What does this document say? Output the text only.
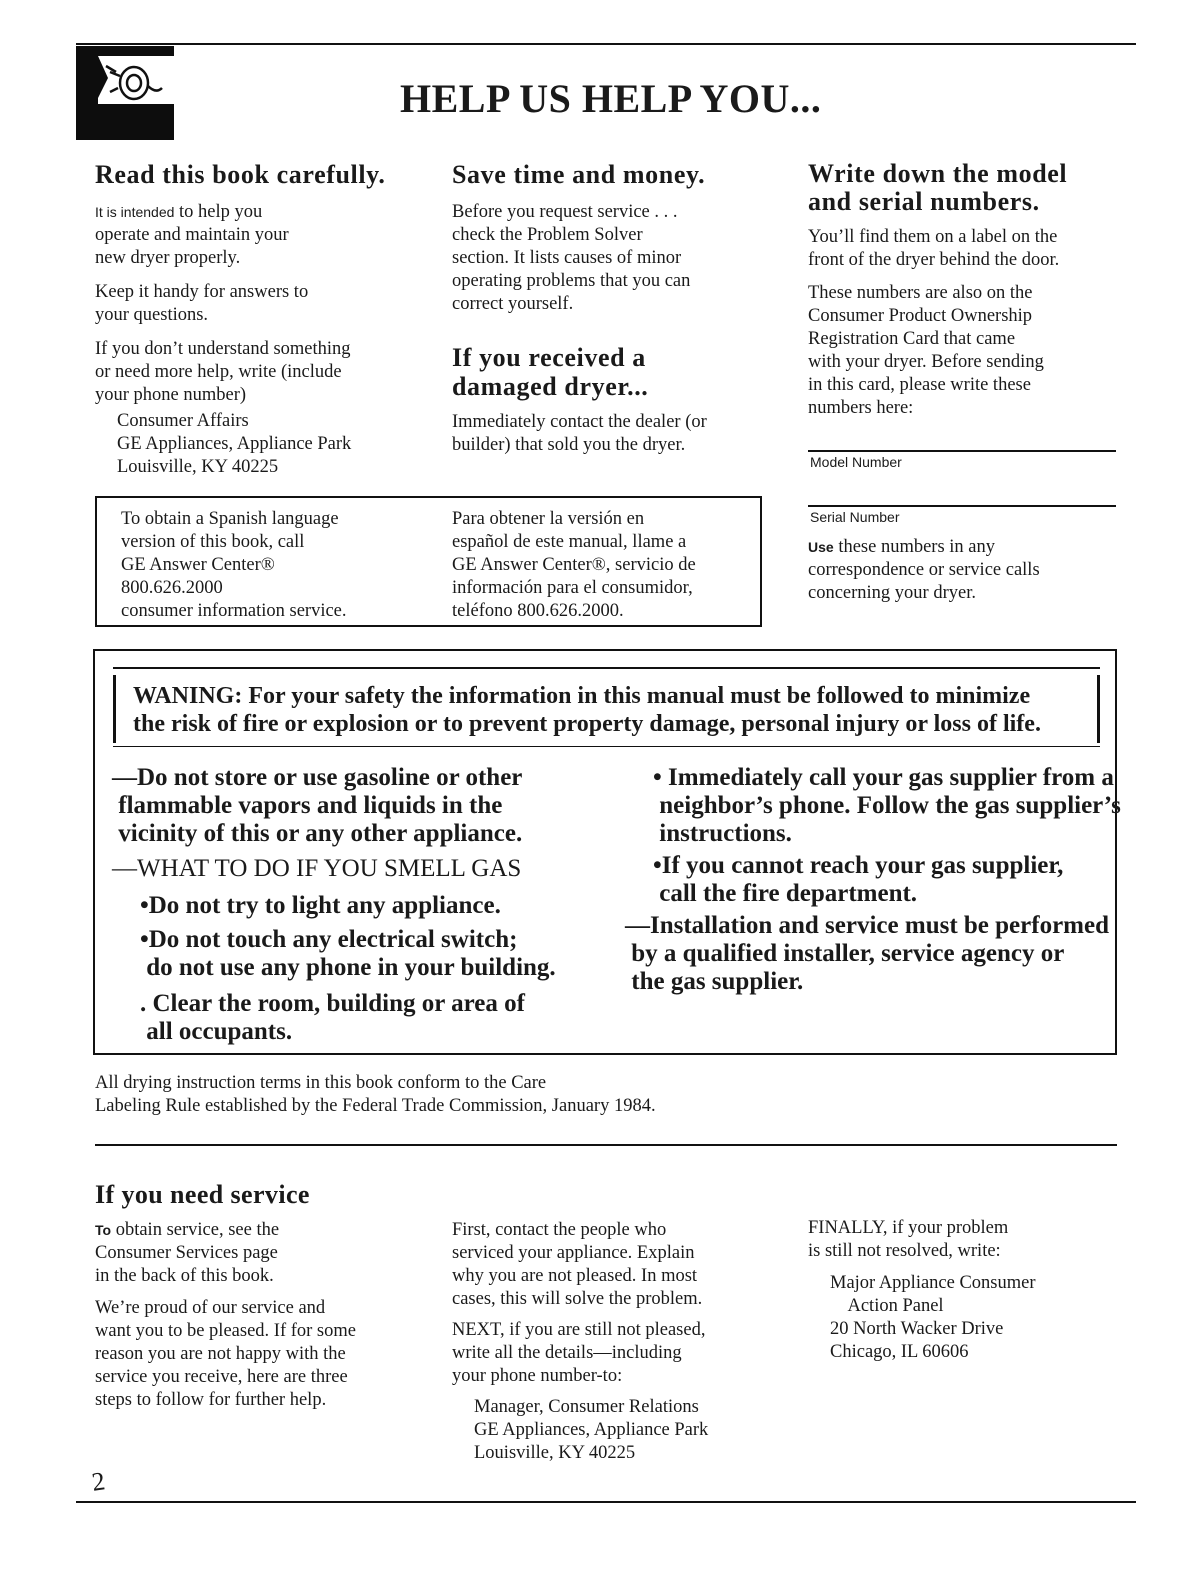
HELP US HELP YOU...

Read this book carefully.

It is intended to help you
operate and maintain your
new dryer properly.

Keep it handy for answers to
your questions.

If you don’t understand something
or need more help, write (include
your phone number)

Consumer Affairs
GE Appliances, Appliance Park
Louisville, KY 40225

Save time and money.

Before you request service . . .
check the Problem Solver
section. It lists causes of minor
operating problems that you can
correct yourself.

If you received a
damaged dryer...

Immediately contact the dealer (or
builder) that sold you the dryer.

Write down the model
and serial numbers.

You’ll find them on a label on the
front of the dryer behind the door.

These numbers are also on the
Consumer Product Ownership
Registration Card that came
with your dryer. Before sending
in this card, please write these
numbers here:

Model Number
Serial Number

Use these numbers in any
correspondence or service calls
concerning your dryer.

To obtain a Spanish language
version of this book, call
GE Answer Center®
800.626.2000
consumer information service.

Para obtener la versión en
español de este manual, llame a
GE Answer Center®, servicio de
información para el consumidor,
teléfono 800.626.2000.

WANING: For your safety the information in this manual must be followed to minimize
the risk of fire or explosion or to prevent property damage, personal injury or loss of life.

—Do not store or use gasoline or other
flammable vapors and liquids in the
vicinity of this or any other appliance.

—WHAT TO DO IF YOU SMELL GAS

•Do not try to light any appliance.

•Do not touch any electrical switch;
do not use any phone in your building.

. Clear the room, building or area of
all occupants.

• Immediately call your gas supplier from a
neighbor’s phone. Follow the gas supplier’s
instructions.

•If you cannot reach your gas supplier,
call the fire department.

—Installation and service must be performed
by a qualified installer, service agency or
the gas supplier.

All drying instruction terms in this book conform to the Care
Labeling Rule established by the Federal Trade Commission, January 1984.

If you need service

To obtain service, see the
Consumer Services page
in the back of this book.

We’re proud of our service and
want you to be pleased. If for some
reason you are not happy with the
service you receive, here are three
steps to follow for further help.

First, contact the people who
serviced your appliance. Explain
why you are not pleased. In most
cases, this will solve the problem.

NEXT, if you are still not pleased,
write all the details—including
your phone number-to:

Manager, Consumer Relations
GE Appliances, Appliance Park
Louisville, KY 40225

FINALLY, if your problem
is still not resolved, write:

Major Appliance Consumer
Action Panel
20 North Wacker Drive
Chicago, IL 60606

2
